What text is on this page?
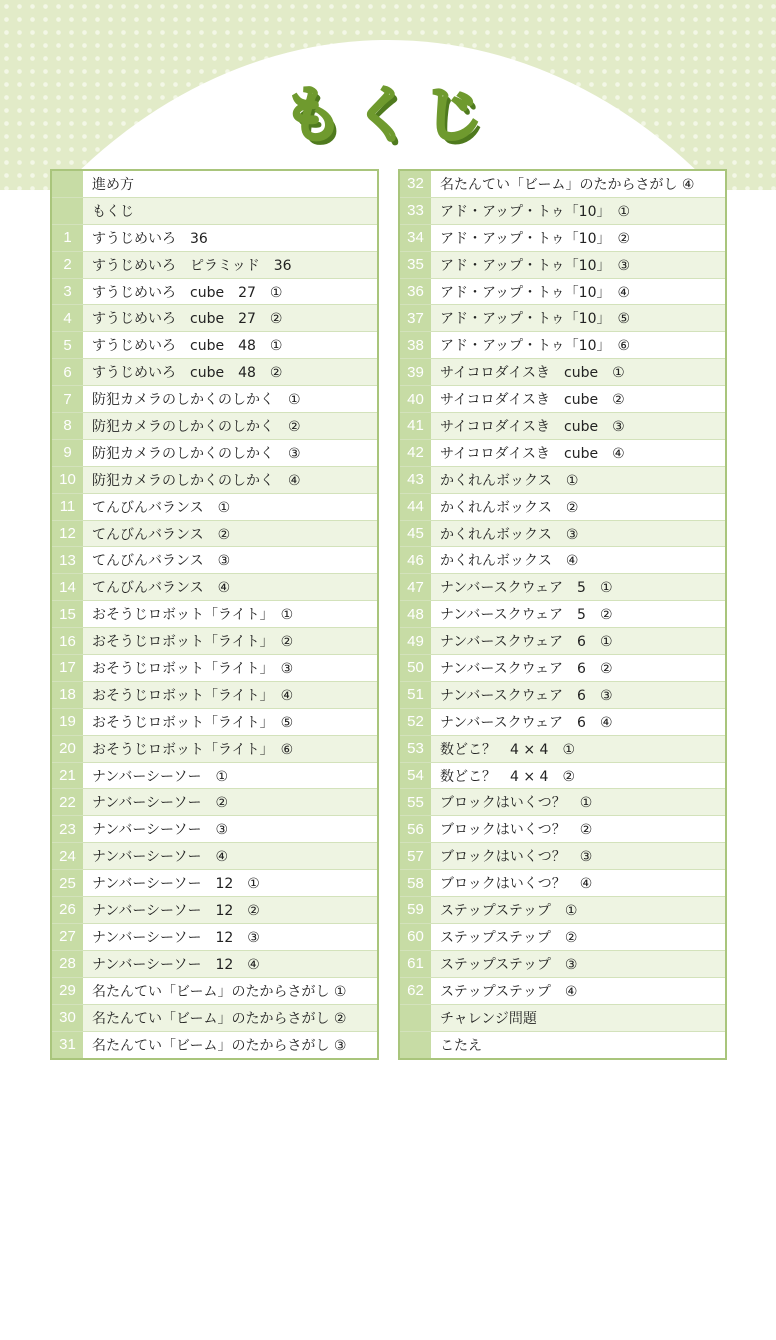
もくじ
進め方
もくじ
1	すうじめいろ　36
2	すうじめいろ　ピラミッド　36
3	すうじめいろ　cube　27　①
4	すうじめいろ　cube　27　②
5	すうじめいろ　cube　48　①
6	すうじめいろ　cube　48　②
7	防犯カメラのしかくのしかく　①
8	防犯カメラのしかくのしかく　②
9	防犯カメラのしかくのしかく　③
10	防犯カメラのしかくのしかく　④
11	てんびんバランス　①
12	てんびんバランス　②
13	てんびんバランス　③
14	てんびんバランス　④
15	おそうじロボット「ライト」　①
16	おそうじロボット「ライト」　②
17	おそうじロボット「ライト」　③
18	おそうじロボット「ライト」　④
19	おそうじロボット「ライト」　⑤
20	おそうじロボット「ライト」　⑥
21	ナンバーシーソー　①
22	ナンバーシーソー　②
23	ナンバーシーソー　③
24	ナンバーシーソー　④
25	ナンバーシーソー　12　①
26	ナンバーシーソー　12　②
27	ナンバーシーソー　12　③
28	ナンバーシーソー　12　④
29	名たんてい「ビーム」のたからさがし ①
30	名たんてい「ビーム」のたからさがし ②
31	名たんてい「ビーム」のたからさがし ③
32	名たんてい「ビーム」のたからさがし ④
33	アド・アップ・トゥ「10」　①
34	アド・アップ・トゥ「10」　②
35	アド・アップ・トゥ「10」　③
36	アド・アップ・トゥ「10」　④
37	アド・アップ・トゥ「10」　⑤
38	アド・アップ・トゥ「10」　⑥
39	サイコロダイスき　cube　①
40	サイコロダイスき　cube　②
41	サイコロダイスき　cube　③
42	サイコロダイスき　cube　④
43	かくれんボックス　①
44	かくれんボックス　②
45	かくれんボックス　③
46	かくれんボックス　④
47	ナンバースクウェア　5　①
48	ナンバースクウェア　5　②
49	ナンバースクウェア　6　①
50	ナンバースクウェア　6　②
51	ナンバースクウェア　6　③
52	ナンバースクウェア　6　④
53	数どこ？　4 × 4　①
54	数どこ？　4 × 4　②
55	ブロックはいくつ？　①
56	ブロックはいくつ？　②
57	ブロックはいくつ？　③
58	ブロックはいくつ？　④
59	ステップステップ　①
60	ステップステップ　②
61	ステップステップ　③
62	ステップステップ　④
チャレンジ問題
こたえ
